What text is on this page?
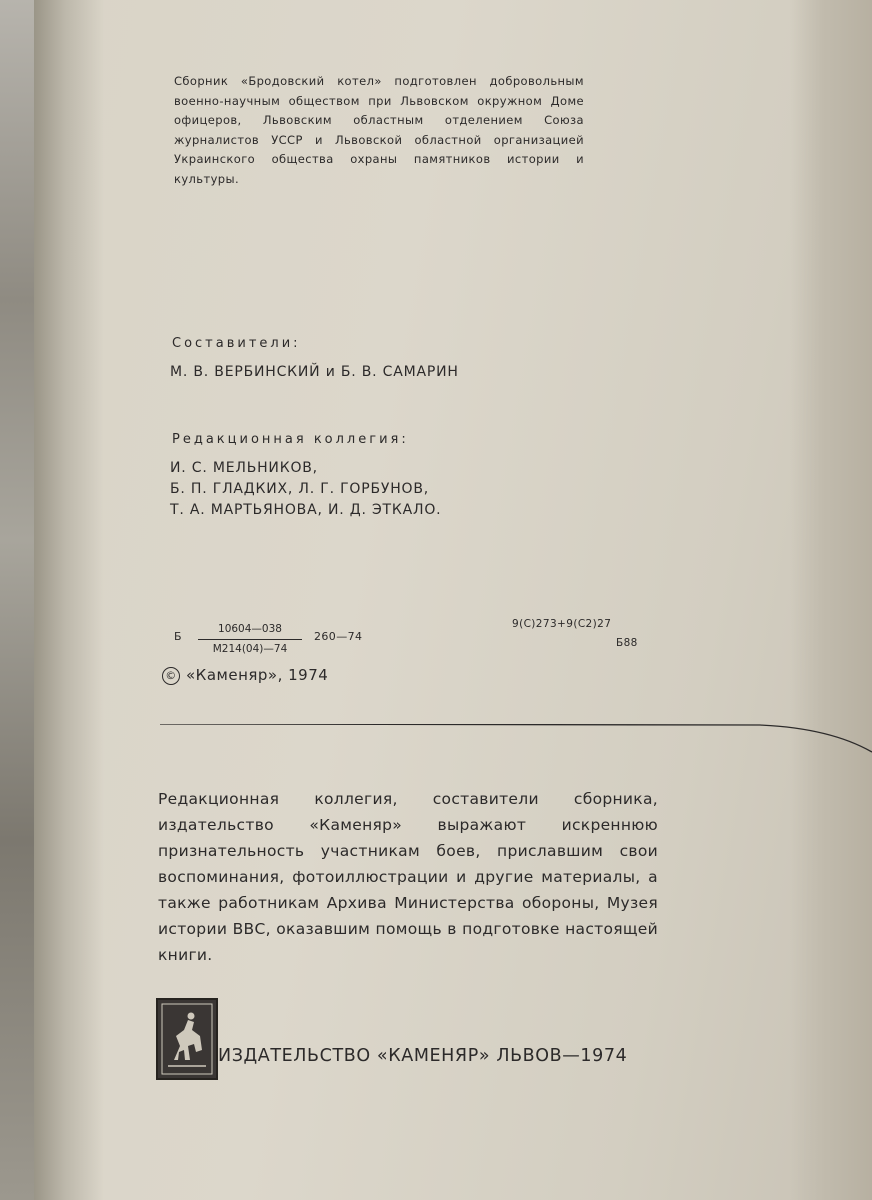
Сборник «Бродовский котел» подготовлен добровольным военно-научным обществом при Львовском окружном Доме офицеров, Львовским областным отделением Союза журналистов УССР и Львовской областной организацией Украинского общества охраны памятников истории и культуры.
Составители:
М. В. ВЕРБИНСКИЙ и Б. В. САМАРИН
Редакционная коллегия:
И. С. МЕЛЬНИКОВ,
Б. П. ГЛАДКИХ, Л. Г. ГОРБУНОВ,
Т. А. МАРТЬЯНОВА, И. Д. ЭТКАЛО.
Б
10604—038
М214(04)—74
260—74
9(С)273+9(С2)27
Б88
© «Каменяр», 1974
Редакционная коллегия, составители сборника, издательство «Каменяр» выражают искреннюю признательность участникам боев, приславшим свои воспоминания, фотоиллюстрации и другие материалы, а также работникам Архива Министерства обороны, Музея истории ВВС, оказавшим помощь в подготовке настоящей книги.
ИЗДАТЕЛЬСТВО «КАМЕНЯР» ЛЬВОВ—1974
